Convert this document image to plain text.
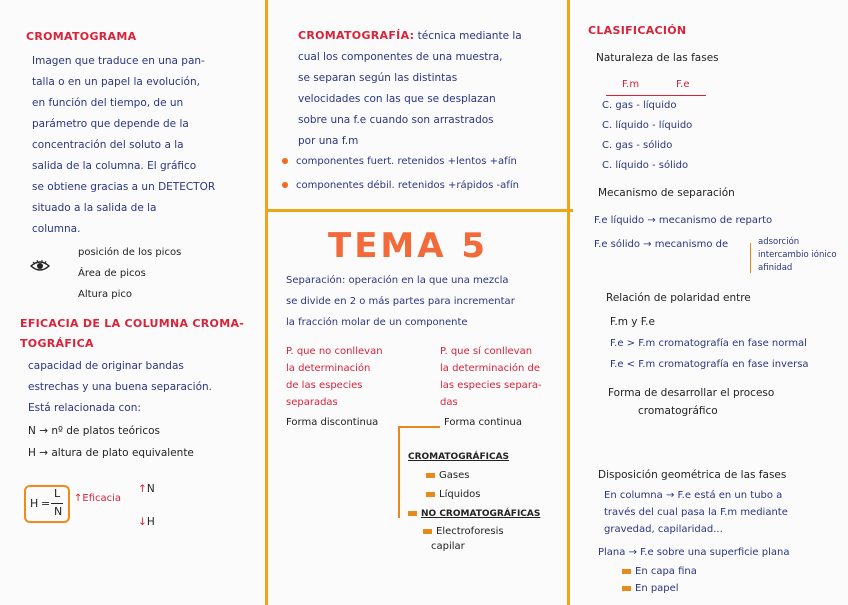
CROMATOGRAMA
Imagen que traduce en una pan-
talla o en un papel la evolución,
en función del tiempo, de un
parámetro que depende de la
concentración del soluto a la
salida de la columna. El gráfico
se obtiene gracias a un DETECTOR
situado a la salida de la
columna.
posición de los picos
Área de picos
Altura pico
EFICACIA DE LA COLUMNA CROMA-
TOGRÁFICA
capacidad de originar bandas
estrechas y una buena separación.
Está relacionada con:
N → nº de platos teóricos
H → altura de plato equivalente
H =
L
N
↑Eficacia
↑N
↓H
CROMATOGRAFÍA: técnica mediante la
cual los componentes de una muestra,
se separan según las distintas
velocidades con las que se desplazan
sobre una f.e cuando son arrastrados
por una f.m
componentes fuert. retenidos +lentos +afín
componentes débil. retenidos +rápidos -afín
TEMA 5
Separación: operación en la que una mezcla
se divide en 2 o más partes para incrementar
la fracción molar de un componente
P. que no conllevan
la determinación
de las especies
separadas
P. que sí conllevan
la determinación de
las especies separa-
das
Forma discontinua	Forma continua
CROMATOGRÁFICAS
Gases
Líquidos
NO CROMATOGRÁFICAS
Electroforesis
capilar
CLASIFICACIÓN
Naturaleza de las fases
F.m	F.e
C. gas - líquido
C. líquido - líquido
C. gas - sólido
C. líquido - sólido
Mecanismo de separación
F.e líquido → mecanismo de reparto
F.e sólido → mecanismo de	adsorción
intercambio iónico
afinidad
Relación de polaridad entre
F.m y F.e
F.e > F.m cromatografía en fase normal
F.e < F.m cromatografía en fase inversa
Forma de desarrollar el proceso
cromatográfico
Disposición geométrica de las fases
En columna → F.e está en un tubo a
través del cual pasa la F.m mediante
gravedad, capilaridad...
Plana → F.e sobre una superficie plana
En capa fina
En papel
